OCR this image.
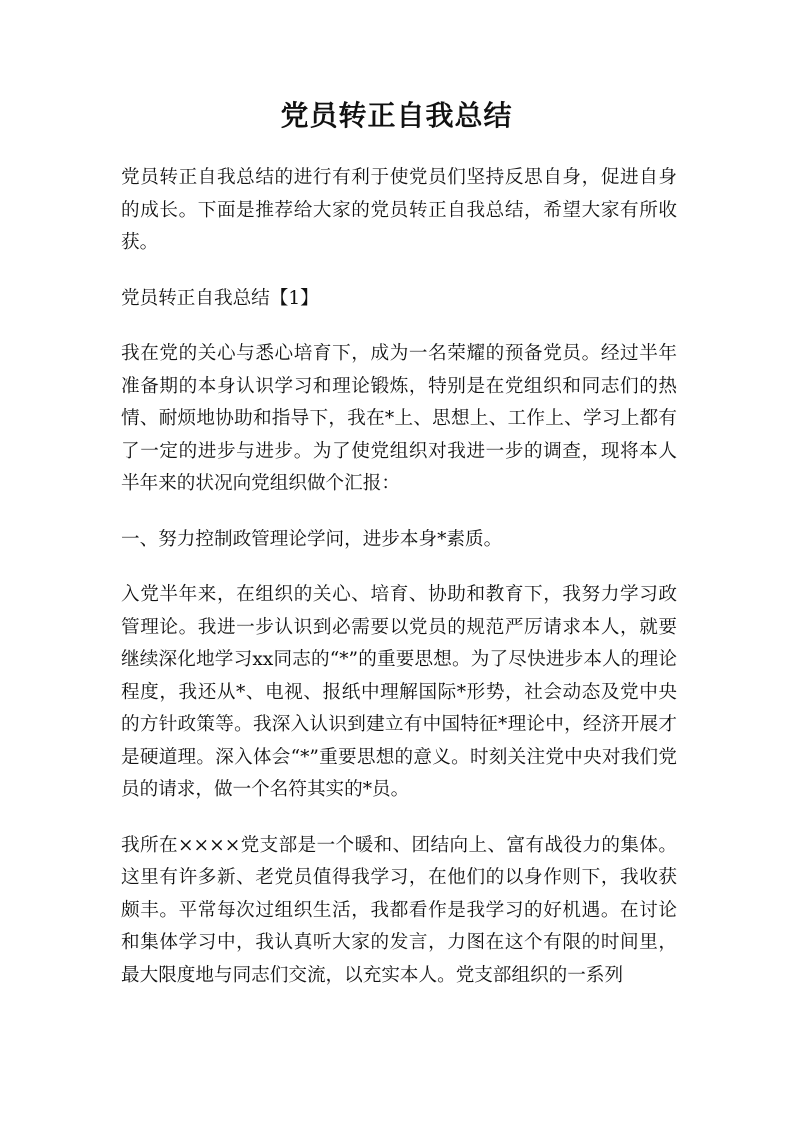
党员转正自我总结

党员转正自我总结的进行有利于使党员们坚持反思自身，促进自身的成长。下面是推荐给大家的党员转正自我总结，希望大家有所收获。

党员转正自我总结【1】

我在党的关心与悉心培育下，成为一名荣耀的预备党员。经过半年准备期的本身认识学习和理论锻炼，特别是在党组织和同志们的热情、耐烦地协助和指导下，我在*上、思想上、工作上、学习上都有了一定的进步与进步。为了使党组织对我进一步的调查，现将本人半年来的状况向党组织做个汇报：

一、努力控制政管理论学问，进步本身*素质。

入党半年来，在组织的关心、培育、协助和教育下，我努力学习政管理论。我进一步认识到必需要以党员的规范严厉请求本人，就要继续深化地学习xx同志的“*”的重要思想。为了尽快进步本人的理论程度，我还从*、电视、报纸中理解国际*形势，社会动态及党中央的方针政策等。我深入认识到建立有中国特征*理论中，经济开展才是硬道理。深入体会“*”重要思想的意义。时刻关注党中央对我们党员的请求，做一个名符其实的*员。

我所在××××党支部是一个暖和、团结向上、富有战役力的集体。这里有许多新、老党员值得我学习，在他们的以身作则下，我收获颇丰。平常每次过组织生活，我都看作是我学习的好机遇。在讨论和集体学习中，我认真听大家的发言，力图在这个有限的时间里，最大限度地与同志们交流，以充实本人。党支部组织的一系列
